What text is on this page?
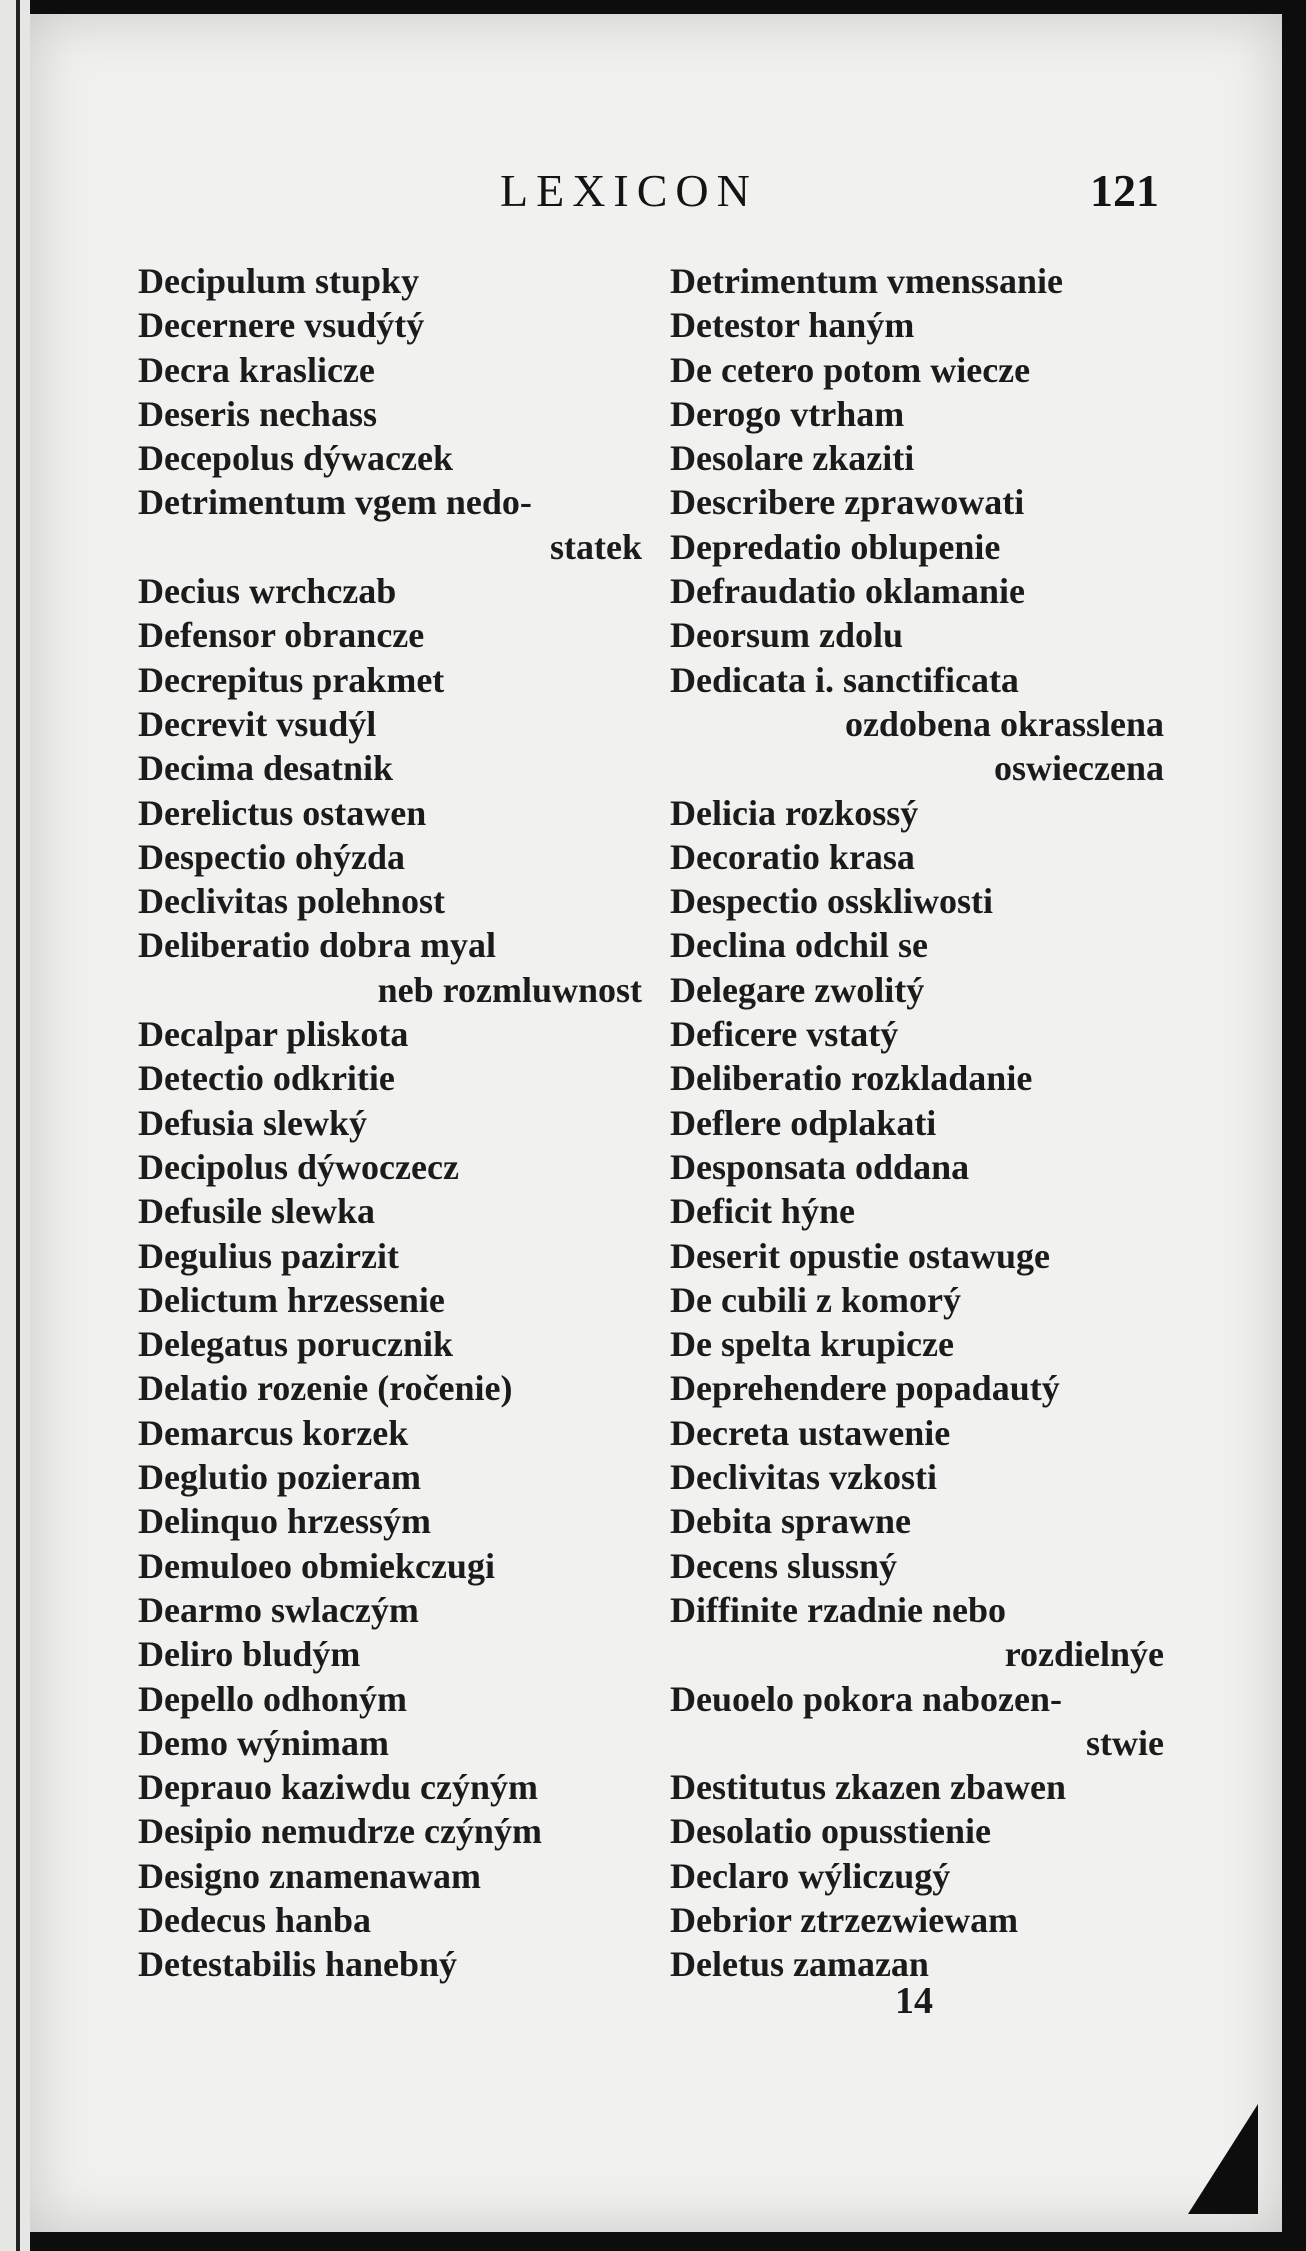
LEXICON	121
Decipulum stupky
Decernere vsudýtý
Decra kraslicze
Deseris nechass
Decepolus dýwaczek
Detrimentum vgem nedo-
statek
Decius wrchczab
Defensor obrancze
Decrepitus prakmet
Decrevit vsudýl
Decima desatnik
Derelictus ostawen
Despectio ohýzda
Declivitas polehnost
Deliberatio dobra myal
neb rozmluwnost
Decalpar pliskota
Detectio odkritie
Defusia slewký
Decipolus dýwoczecz
Defusile slewka
Degulius pazirzit
Delictum hrzessenie
Delegatus porucznik
Delatio rozenie (ročenie)
Demarcus korzek
Deglutio pozieram
Delinquo hrzessým
Demuloeo obmiekczugi
Dearmo swlaczým
Deliro bludým
Depello odhoným
Demo wýnimam
Deprauo kaziwdu czýným
Desipio nemudrze czýným
Designo znamenawam
Dedecus hanba
Detestabilis hanebný
Detrimentum vmenssanie
Detestor haným
De cetero potom wiecze
Derogo vtrham
Desolare zkaziti
Describere zprawowati
Depredatio oblupenie
Defraudatio oklamanie
Deorsum zdolu
Dedicata i. sanctificata
ozdobena okrasslena
oswieczena
Delicia rozkossý
Decoratio krasa
Despectio osskliwosti
Declina odchil se
Delegare zwolitý
Deficere vstatý
Deliberatio rozkladanie
Deflere odplakati
Desponsata oddana
Deficit hýne
Deserit opustie ostawuge
De cubili z komorý
De spelta krupicze
Deprehendere popadautý
Decreta ustawenie
Declivitas vzkosti
Debita sprawne
Decens slussný
Diffinite rzadnie nebo
rozdielnýe
Deuoelo pokora nabozen-
stwie
Destitutus zkazen zbawen
Desolatio opusstienie
Declaro wýliczugý
Debrior ztrzezwiewam
Deletus zamazan
14
